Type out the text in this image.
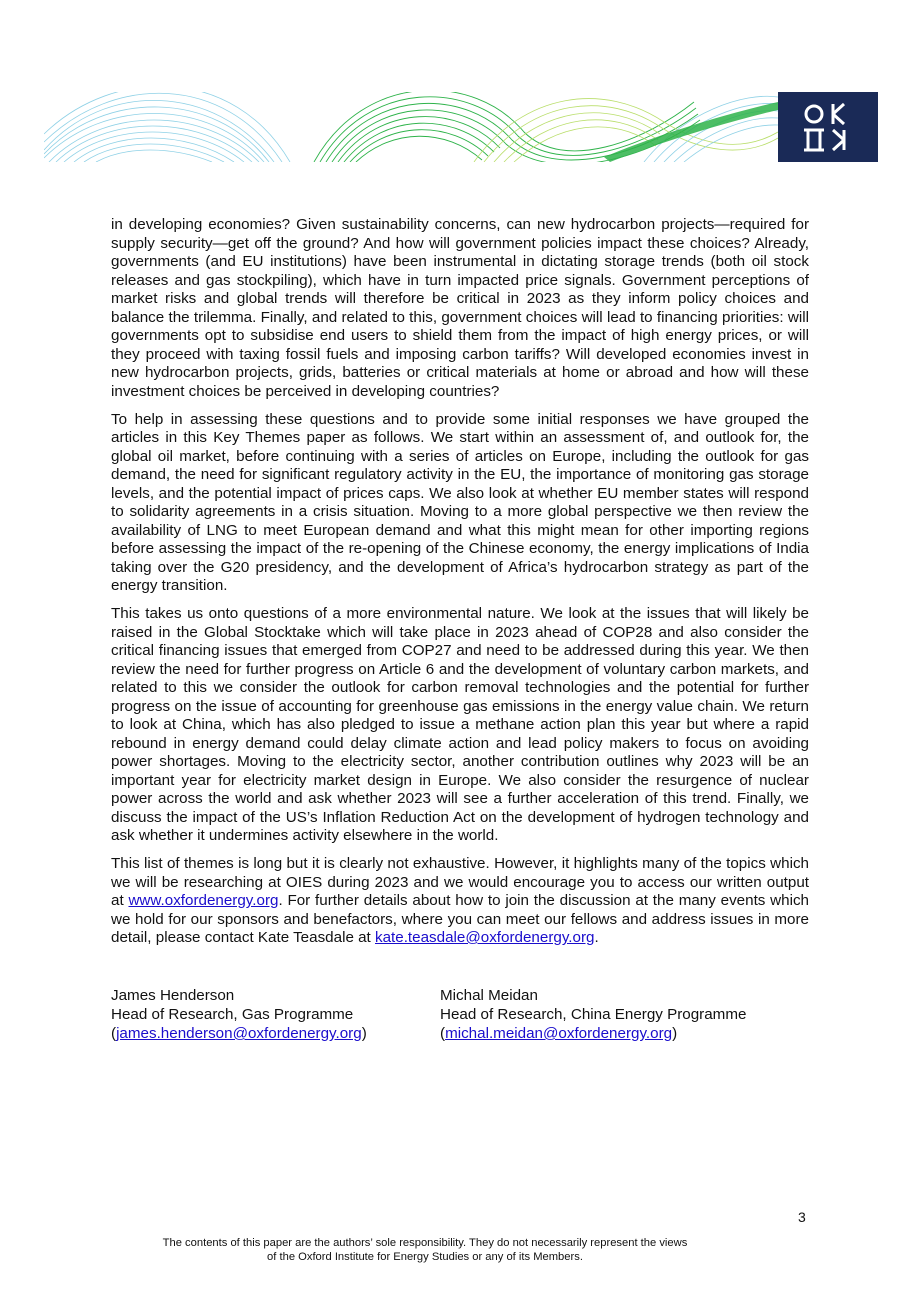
in developing economies? Given sustainability concerns, can new hydrocarbon projects—required for supply security—get off the ground? And how will government policies impact these choices? Already, governments (and EU institutions) have been instrumental in dictating storage trends (both oil stock releases and gas stockpiling), which have in turn impacted price signals. Government perceptions of market risks and global trends will therefore be critical in 2023 as they inform policy choices and balance the trilemma. Finally, and related to this, government choices will lead to financing priorities: will governments opt to subsidise end users to shield them from the impact of high energy prices, or will they proceed with taxing fossil fuels and imposing carbon tariffs? Will developed economies invest in new hydrocarbon projects, grids, batteries or critical materials at home or abroad and how will these investment choices be perceived in developing countries?

To help in assessing these questions and to provide some initial responses we have grouped the articles in this Key Themes paper as follows. We start within an assessment of, and outlook for, the global oil market, before continuing with a series of articles on Europe, including the outlook for gas demand, the need for significant regulatory activity in the EU, the importance of monitoring gas storage levels, and the potential impact of prices caps. We also look at whether EU member states will respond to solidarity agreements in a crisis situation. Moving to a more global perspective we then review the availability of LNG to meet European demand and what this might mean for other importing regions before assessing the impact of the re-opening of the Chinese economy, the energy implications of India taking over the G20 presidency, and the development of Africa’s hydrocarbon strategy as part of the energy transition.

This takes us onto questions of a more environmental nature. We look at the issues that will likely be raised in the Global Stocktake which will take place in 2023 ahead of COP28 and also consider the critical financing issues that emerged from COP27 and need to be addressed during this year. We then review the need for further progress on Article 6 and the development of voluntary carbon markets, and related to this we consider the outlook for carbon removal technologies and the potential for further progress on the issue of accounting for greenhouse gas emissions in the energy value chain. We return to look at China, which has also pledged to issue a methane action plan this year but where a rapid rebound in energy demand could delay climate action and lead policy makers to focus on avoiding power shortages. Moving to the electricity sector, another contribution outlines why 2023 will be an important year for electricity market design in Europe. We also consider the resurgence of nuclear power across the world and ask whether 2023 will see a further acceleration of this trend. Finally, we discuss the impact of the US’s Inflation Reduction Act on the development of hydrogen technology and ask whether it undermines activity elsewhere in the world.

This list of themes is long but it is clearly not exhaustive. However, it highlights many of the topics which we will be researching at OIES during 2023 and we would encourage you to access our written output at www.oxfordenergy.org. For further details about how to join the discussion at the many events which we hold for our sponsors and benefactors, where you can meet our fellows and address issues in more detail, please contact Kate Teasdale at kate.teasdale@oxfordenergy.org.

James Henderson
Head of Research, Gas Programme
(james.henderson@oxfordenergy.org)
Michal Meidan
Head of Research, China Energy Programme
(michal.meidan@oxfordenergy.org)
3
The contents of this paper are the authors’ sole responsibility. They do not necessarily represent the views
of the Oxford Institute for Energy Studies or any of its Members.
